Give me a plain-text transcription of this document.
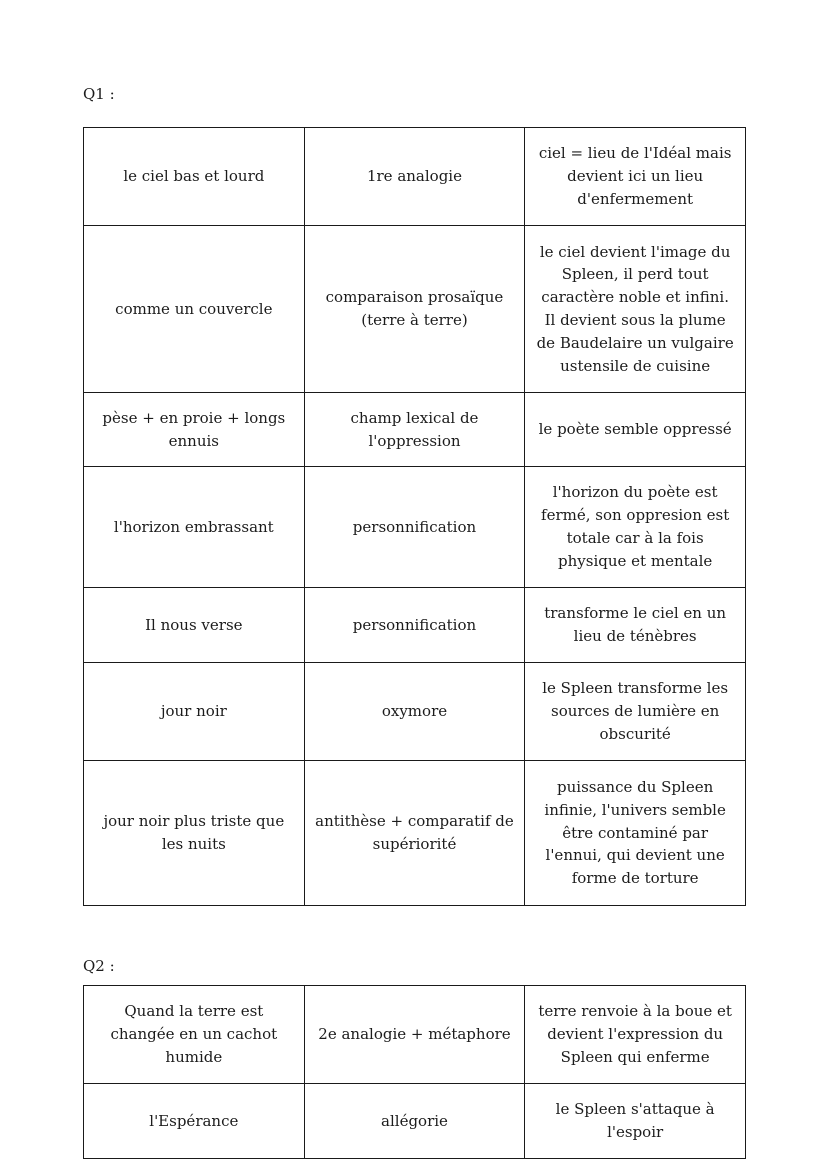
Q1 :
le ciel bas et lourd	1re analogie	ciel = lieu de l'Idéal mais devient ici un lieu d'enfermement
comme un couvercle	comparaison prosaïque (terre à terre)	le ciel devient l'image du Spleen, il perd tout caractère noble et infini. Il devient sous la plume de Baudelaire un vulgaire ustensile de cuisine
pèse + en proie + longs ennuis	champ lexical de l'oppression	le poète semble oppressé
l'horizon embrassant	personnification	l'horizon du poète est fermé, son oppresion est totale car à la fois physique et mentale
Il nous verse	personnification	transforme le ciel en un lieu de ténèbres
jour noir	oxymore	le Spleen transforme les sources de lumière en obscurité
jour noir plus triste que les nuits	antithèse + comparatif de supériorité	puissance du Spleen infinie, l'univers semble être contaminé par l'ennui, qui devient une forme de torture
Q2 :
Quand la terre est changée en un cachot humide	2e analogie + métaphore	terre renvoie à la boue et devient l'expression du Spleen qui enferme
l'Espérance	allégorie	le Spleen s'attaque à l'espoir
